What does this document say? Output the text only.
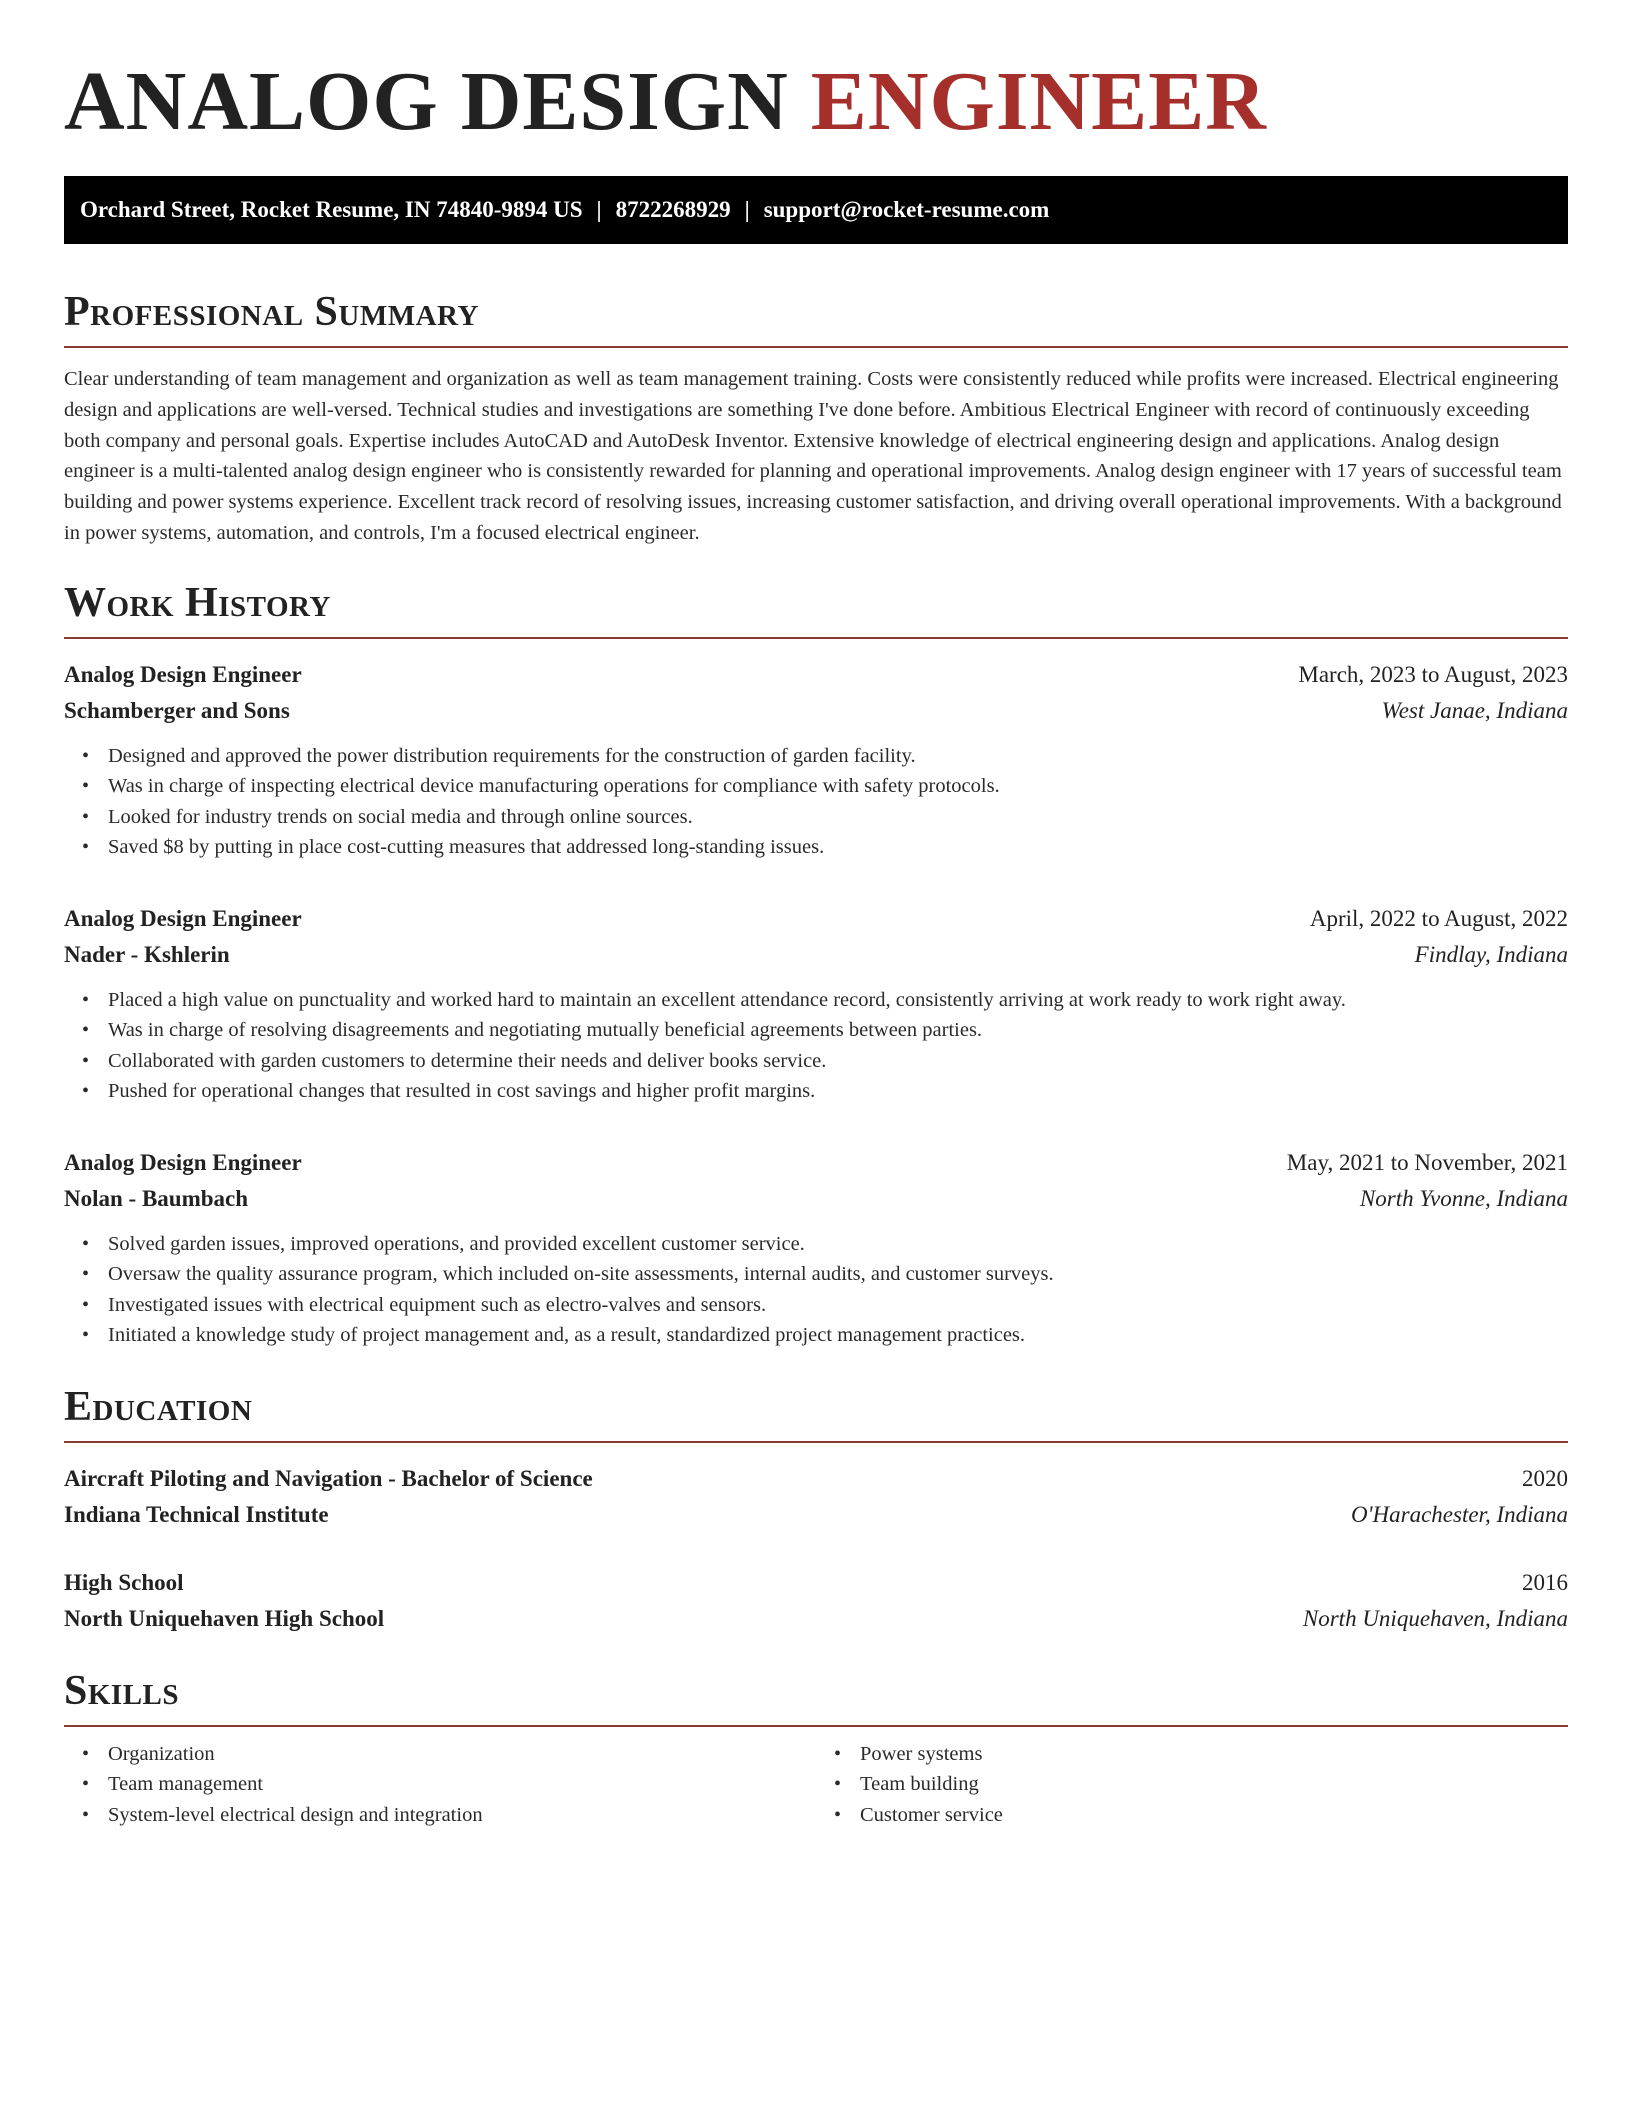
ANALOG DESIGN ENGINEER
Orchard Street, Rocket Resume, IN 74840-9894 US | 8722268929 | support@rocket-resume.com
Professional Summary

Clear understanding of team management and organization as well as team management training. Costs were consistently reduced while profits were increased. Electrical engineering design and applications are well-versed. Technical studies and investigations are something I've done before. Ambitious Electrical Engineer with record of continuously exceeding both company and personal goals. Expertise includes AutoCAD and AutoDesk Inventor. Extensive knowledge of electrical engineering design and applications. Analog design engineer is a multi-talented analog design engineer who is consistently rewarded for planning and operational improvements. Analog design engineer with 17 years of successful team building and power systems experience. Excellent track record of resolving issues, increasing customer satisfaction, and driving overall operational improvements. With a background in power systems, automation, and controls, I'm a focused electrical engineer.

Work History
Analog Design Engineer	March, 2023 to August, 2023
Schamberger and Sons	West Janae, Indiana
• Designed and approved the power distribution requirements for the construction of garden facility.
• Was in charge of inspecting electrical device manufacturing operations for compliance with safety protocols.
• Looked for industry trends on social media and through online sources.
• Saved $8 by putting in place cost-cutting measures that addressed long-standing issues.
Analog Design Engineer	April, 2022 to August, 2022
Nader - Kshlerin	Findlay, Indiana
• Placed a high value on punctuality and worked hard to maintain an excellent attendance record, consistently arriving at work ready to work right away.
• Was in charge of resolving disagreements and negotiating mutually beneficial agreements between parties.
• Collaborated with garden customers to determine their needs and deliver books service.
• Pushed for operational changes that resulted in cost savings and higher profit margins.
Analog Design Engineer	May, 2021 to November, 2021
Nolan - Baumbach	North Yvonne, Indiana
• Solved garden issues, improved operations, and provided excellent customer service.
• Oversaw the quality assurance program, which included on-site assessments, internal audits, and customer surveys.
• Investigated issues with electrical equipment such as electro-valves and sensors.
• Initiated a knowledge study of project management and, as a result, standardized project management practices.
Education
Aircraft Piloting and Navigation - Bachelor of Science	2020
Indiana Technical Institute	O'Harachester, Indiana
High School	2016
North Uniquehaven High School	North Uniquehaven, Indiana
Skills
• Organization
• Team management
• System-level electrical design and integration
• Power systems
• Team building
• Customer service
